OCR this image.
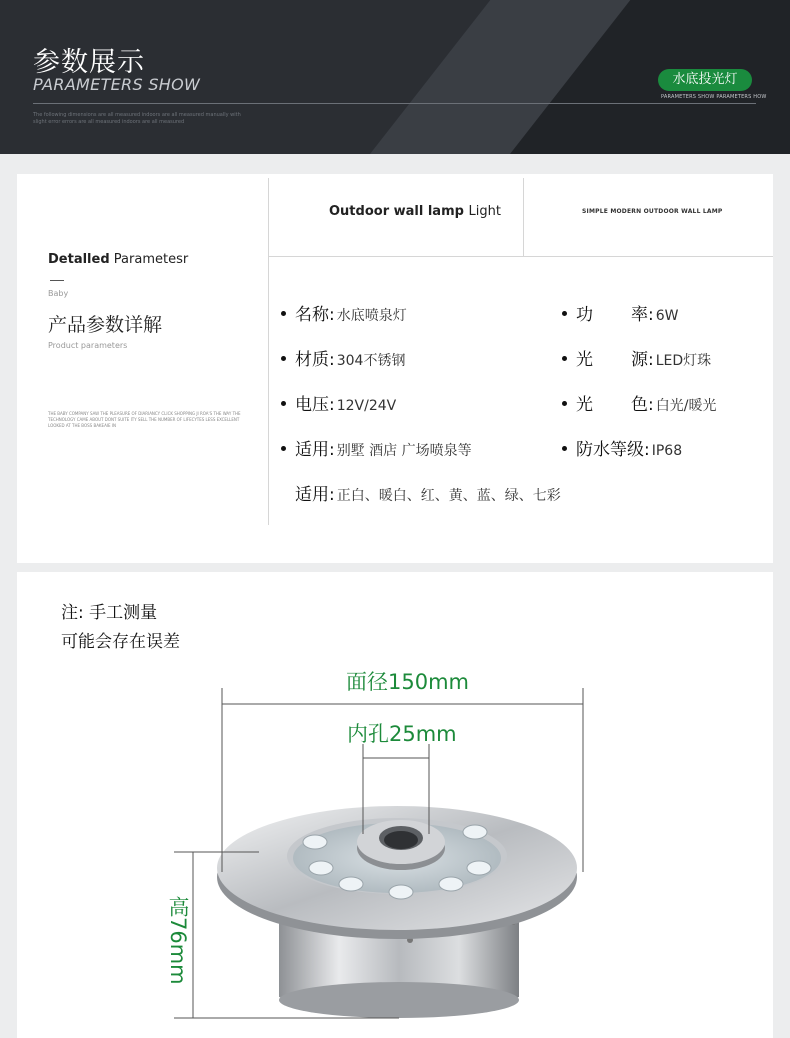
参数展示
PARAMETERS SHOW
The following dimensions are all measured indoors are all measured manually with slight error errors are all measured indoors are all measured
水底投光灯
PARAMETERS SHOW PARAMETERS HOW
Outdoor wall lamp Light	SIMPLE MODERN OUTDOOR WALL LAMP
Detalled Parametesr
Baby
产品参数详解
Product parameters
THE BABY COMPANY SAW THE PLEASURE OF DIARIANCY CLICK SHOPPING JI ROA'S THE WAY THE TECHNOLOGY CAME ABOUT DONT SUITE ITY SELL THE NUMBER OF LIFECYTES LESS EXCELLENT LOOKED AT THE BOSS BAKEAIE IN
名称: 水底喷泉灯
材质: 304不锈钢
电压: 12V/24V
适用: 别墅 酒店 广场喷泉等
适用: 正白、暖白、红、黄、蓝、绿、七彩
功 率: 6W
光 源: LED灯珠
光 色: 白光/暖光
防水等级: IP68
注: 手工测量
可能会存在误差
面径150mm
内孔25mm
高76mm
